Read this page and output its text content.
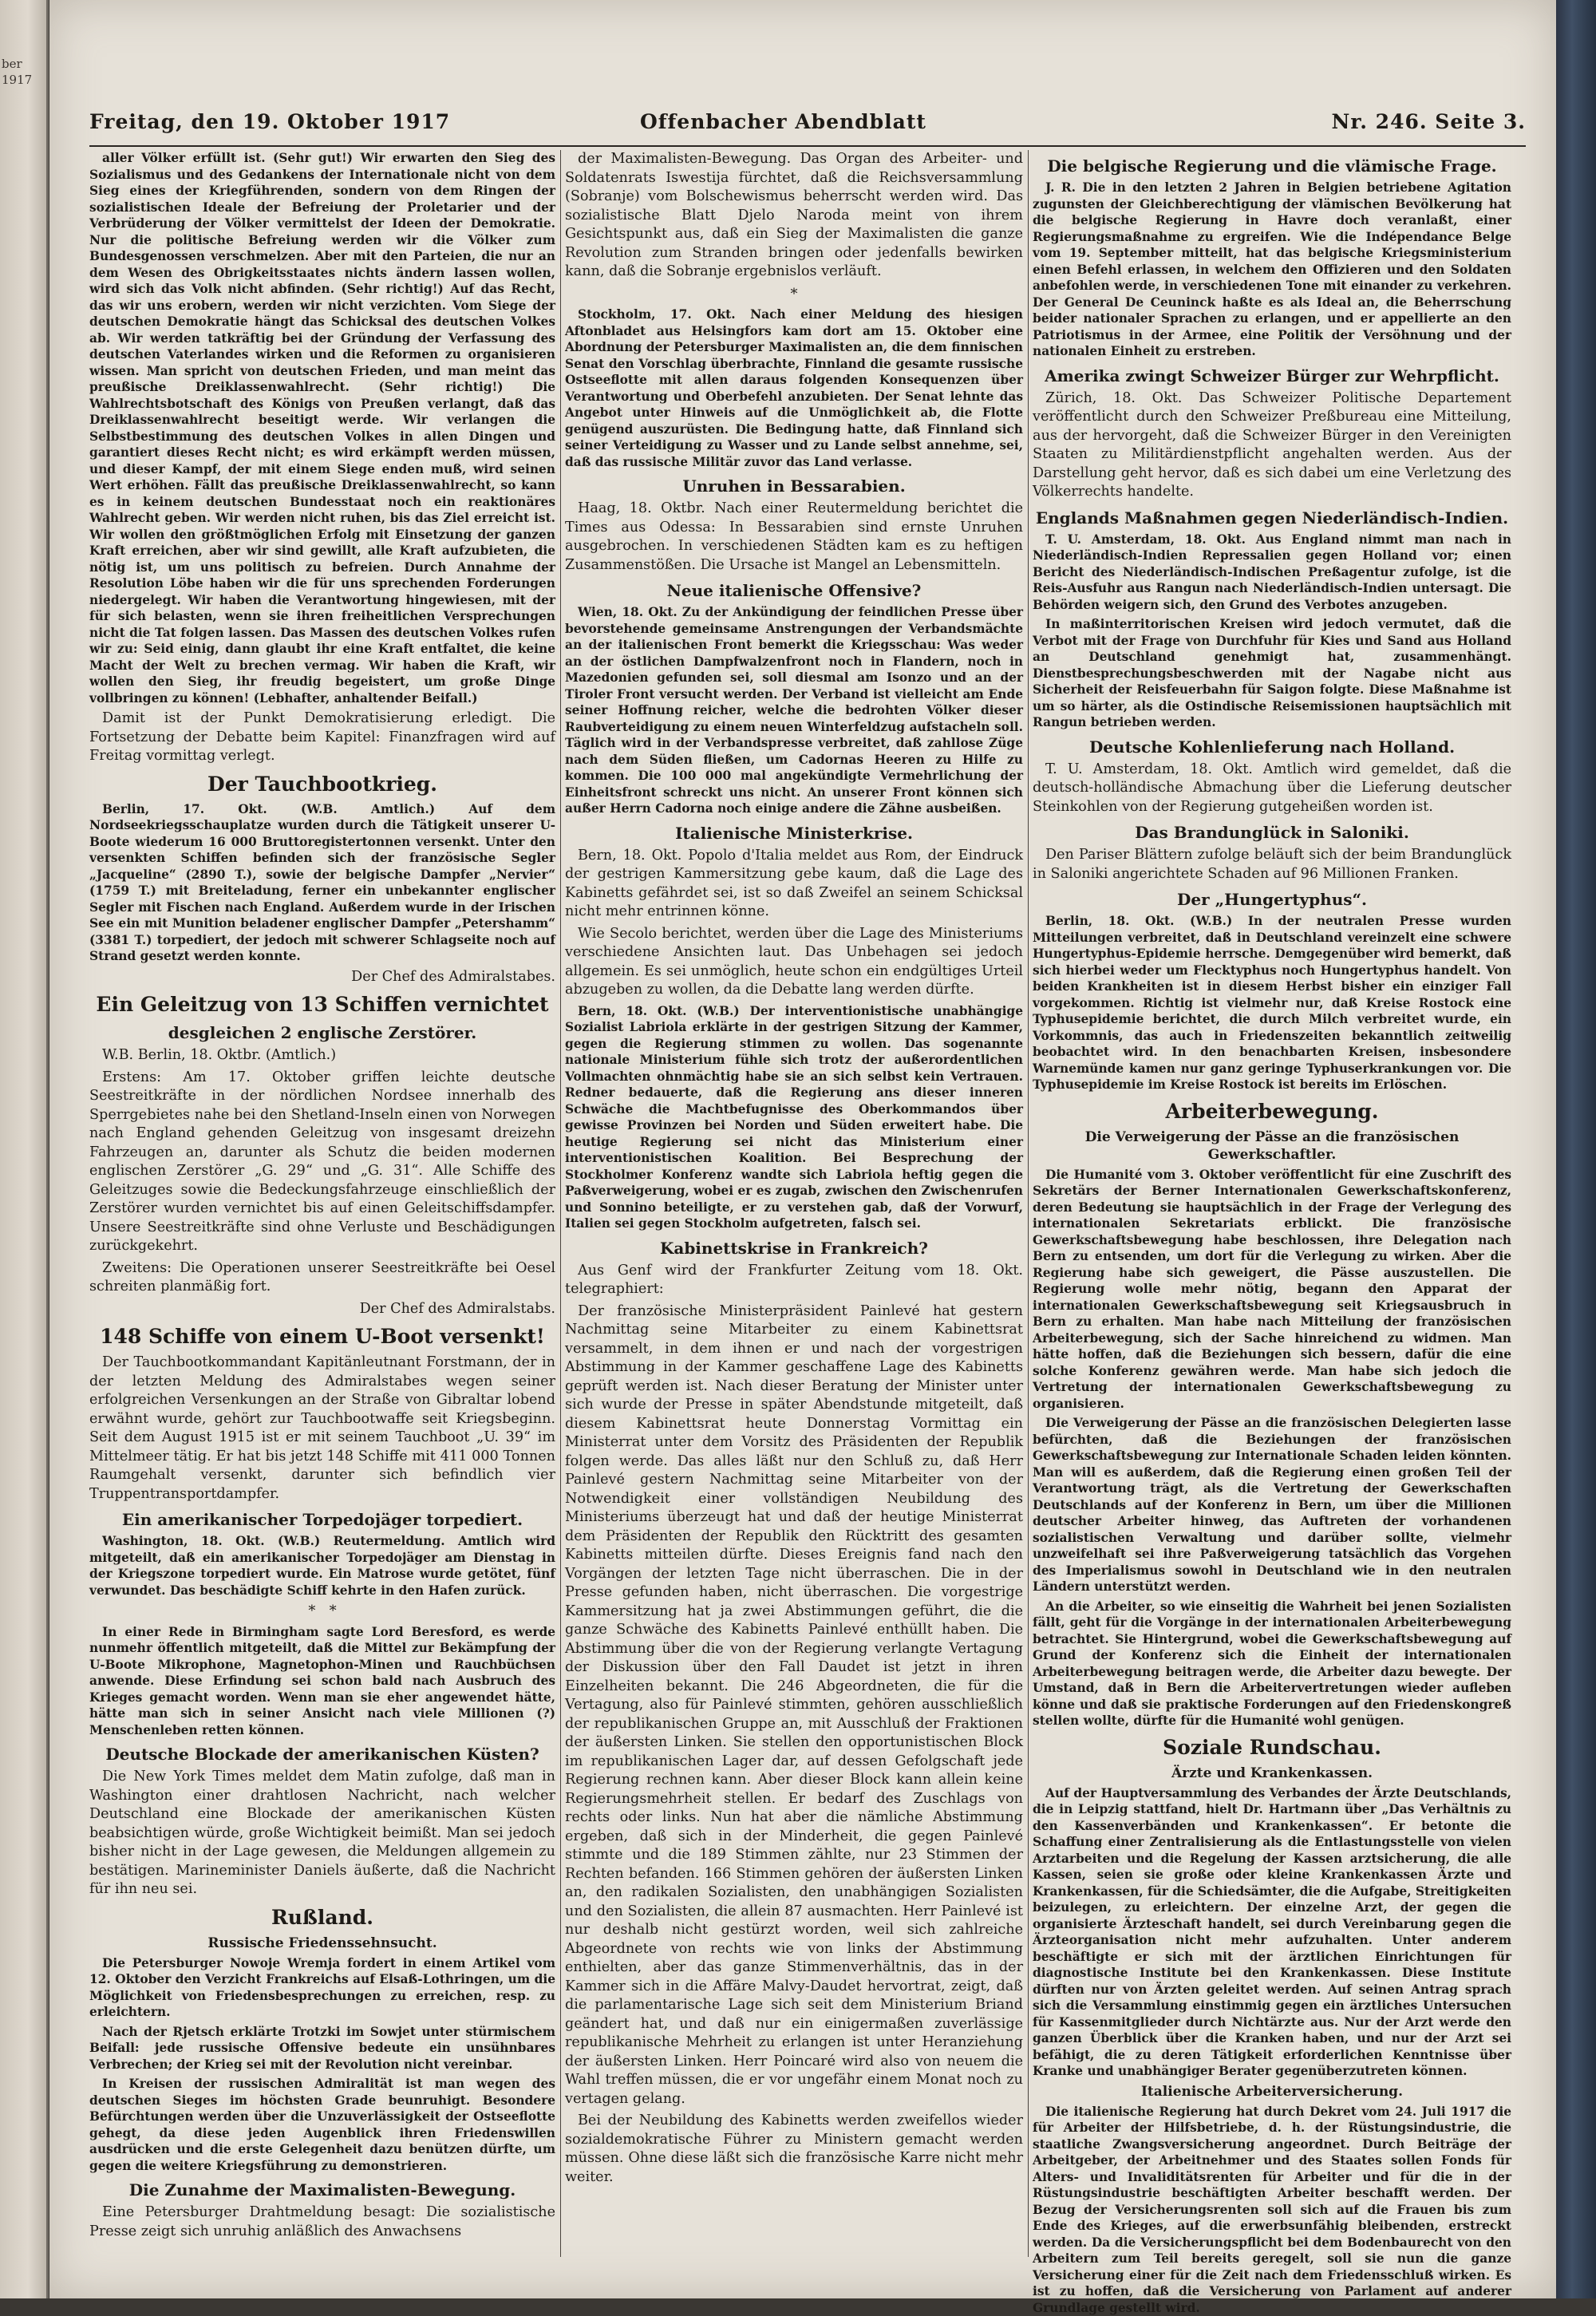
ber 1917
Freitag, den 19. Oktober 1917	Offenbacher Abendblatt	Nr. 246. Seite 3.

aller Völker erfüllt ist. (Sehr gut!) Wir erwarten den Sieg des Sozialismus und des Gedankens der Internationale nicht von dem Sieg eines der Kriegführenden, sondern von dem Ringen der sozialistischen Ideale der Befreiung der Proletarier und der Verbrüderung der Völker vermittelst der Ideen der Demokratie. Nur die politische Befreiung werden wir die Völker zum Bundesgenossen verschmelzen. Aber mit den Parteien, die nur an dem Wesen des Obrigkeitsstaates nichts ändern lassen wollen, wird sich das Volk nicht abfinden. (Sehr richtig!) Auf das Recht, das wir uns erobern, werden wir nicht verzichten. Vom Siege der deutschen Demokratie hängt das Schicksal des deutschen Volkes ab. Wir werden tatkräftig bei der Gründung der Verfassung des deutschen Vaterlandes wirken und die Reformen zu organisieren wissen. Man spricht von deutschen Frieden, und man meint das preußische Dreiklassenwahlrecht. (Sehr richtig!) Die Wahlrechtsbotschaft des Königs von Preußen verlangt, daß das Dreiklassenwahlrecht beseitigt werde. Wir verlangen die Selbstbestimmung des deutschen Volkes in allen Dingen und garantiert dieses Recht nicht; es wird erkämpft werden müssen, und dieser Kampf, der mit einem Siege enden muß, wird seinen Wert erhöhen. Fällt das preußische Dreiklassenwahlrecht, so kann es in keinem deutschen Bundesstaat noch ein reaktionäres Wahlrecht geben. Wir werden nicht ruhen, bis das Ziel erreicht ist. Wir wollen den größtmöglichen Erfolg mit Einsetzung der ganzen Kraft erreichen, aber wir sind gewillt, alle Kraft aufzubieten, die nötig ist, um uns politisch zu befreien. Durch Annahme der Resolution Löbe haben wir die für uns sprechenden Forderungen niedergelegt. Wir haben die Verantwortung hingewiesen, mit der für sich belasten, wenn sie ihren freiheitlichen Versprechungen nicht die Tat folgen lassen. Das Massen des deutschen Volkes rufen wir zu: Seid einig, dann glaubt ihr eine Kraft entfaltet, die keine Macht der Welt zu brechen vermag. Wir haben die Kraft, wir wollen den Sieg, ihr freudig begeistert, um große Dinge vollbringen zu können! (Lebhafter, anhaltender Beifall.)

Damit ist der Punkt Demokratisierung erledigt. Die Fortsetzung der Debatte beim Kapitel: Finanzfragen wird auf Freitag vormittag verlegt.

Der Tauchbootkrieg.

Berlin, 17. Okt. (W.B. Amtlich.) Auf dem Nordseekriegsschauplatze wurden durch die Tätigkeit unserer U-Boote wiederum 16 000 Bruttoregistertonnen versenkt. Unter den versenkten Schiffen befinden sich der französische Segler „Jacqueline“ (2890 T.), sowie der belgische Dampfer „Nervier“ (1759 T.) mit Breiteladung, ferner ein unbekannter englischer Segler mit Fischen nach England. Außerdem wurde in der Irischen See ein mit Munition beladener englischer Dampfer „Petershamm“ (3381 T.) torpediert, der jedoch mit schwerer Schlagseite noch auf Strand gesetzt werden konnte.

Der Chef des Admiralstabes.

Ein Geleitzug von 13 Schiffen vernichtet
desgleichen 2 englische Zerstörer.

W.B. Berlin, 18. Oktbr. (Amtlich.)

Erstens: Am 17. Oktober griffen leichte deutsche Seestreitkräfte in der nördlichen Nordsee innerhalb des Sperrgebietes nahe bei den Shetland-Inseln einen von Norwegen nach England gehenden Geleitzug von insgesamt dreizehn Fahrzeugen an, darunter als Schutz die beiden modernen englischen Zerstörer „G. 29“ und „G. 31“. Alle Schiffe des Geleitzuges sowie die Bedeckungsfahrzeuge einschließlich der Zerstörer wurden vernichtet bis auf einen Geleitschiffsdampfer. Unsere Seestreitkräfte sind ohne Verluste und Beschädigungen zurückgekehrt.

Zweitens: Die Operationen unserer Seestreitkräfte bei Oesel schreiten planmäßig fort.

Der Chef des Admiralstabs.

148 Schiffe von einem U-Boot versenkt!

Der Tauchbootkommandant Kapitänleutnant Forstmann, der in der letzten Meldung des Admiralstabes wegen seiner erfolgreichen Versenkungen an der Straße von Gibraltar lobend erwähnt wurde, gehört zur Tauchbootwaffe seit Kriegsbeginn. Seit dem August 1915 ist er mit seinem Tauchboot „U. 39“ im Mittelmeer tätig. Er hat bis jetzt 148 Schiffe mit 411 000 Tonnen Raumgehalt versenkt, darunter sich befindlich vier Truppentransportdampfer.

Ein amerikanischer Torpedojäger torpediert.

Washington, 18. Okt. (W.B.) Reutermeldung. Amtlich wird mitgeteilt, daß ein amerikanischer Torpedojäger am Dienstag in der Kriegszone torpediert wurde. Ein Matrose wurde getötet, fünf verwundet. Das beschädigte Schiff kehrte in den Hafen zurück.

*   *

In einer Rede in Birmingham sagte Lord Beresford, es werde nunmehr öffentlich mitgeteilt, daß die Mittel zur Bekämpfung der U-Boote Mikrophone, Magnetophon-Minen und Rauchbüchsen anwende. Diese Erfindung sei schon bald nach Ausbruch des Krieges gemacht worden. Wenn man sie eher angewendet hätte, hätte man sich in seiner Ansicht nach viele Millionen (?) Menschenleben retten können.

Deutsche Blockade der amerikanischen Küsten?

Die New York Times meldet dem Matin zufolge, daß man in Washington einer drahtlosen Nachricht, nach welcher Deutschland eine Blockade der amerikanischen Küsten beabsichtigen würde, große Wichtigkeit beimißt. Man sei jedoch bisher nicht in der Lage gewesen, die Meldungen allgemein zu bestätigen. Marineminister Daniels äußerte, daß die Nachricht für ihn neu sei.

Rußland.
Russische Friedenssehnsucht.

Die Petersburger Nowoje Wremja fordert in einem Artikel vom 12. Oktober den Verzicht Frankreichs auf Elsaß-Lothringen, um die Möglichkeit von Friedensbesprechungen zu erreichen, resp. zu erleichtern.

Nach der Rjetsch erklärte Trotzki im Sowjet unter stürmischem Beifall: jede russische Offensive bedeute ein unsühnbares Verbrechen; der Krieg sei mit der Revolution nicht vereinbar.

In Kreisen der russischen Admiralität ist man wegen des deutschen Sieges im höchsten Grade beunruhigt. Besondere Befürchtungen werden über die Unzuverlässigkeit der Ostseeflotte gehegt, da diese jeden Augenblick ihren Friedenswillen ausdrücken und die erste Gelegenheit dazu benützen dürfte, um gegen die weitere Kriegsführung zu demonstrieren.

Die Zunahme der Maximalisten-Bewegung.

Eine Petersburger Drahtmeldung besagt: Die sozialistische Presse zeigt sich unruhig anläßlich des Anwachsens

der Maximalisten-Bewegung. Das Organ des Arbeiter- und Soldatenrats Iswestija fürchtet, daß die Reichsversammlung (Sobranje) vom Bolschewismus beherrscht werden wird. Das sozialistische Blatt Djelo Naroda meint von ihrem Gesichtspunkt aus, daß ein Sieg der Maximalisten die ganze Revolution zum Stranden bringen oder jedenfalls bewirken kann, daß die Sobranje ergebnislos verläuft.

*

Stockholm, 17. Okt. Nach einer Meldung des hiesigen Aftonbladet aus Helsingfors kam dort am 15. Oktober eine Abordnung der Petersburger Maximalisten an, die dem finnischen Senat den Vorschlag überbrachte, Finnland die gesamte russische Ostseeflotte mit allen daraus folgenden Konsequenzen über Verantwortung und Oberbefehl anzubieten. Der Senat lehnte das Angebot unter Hinweis auf die Unmöglichkeit ab, die Flotte genügend auszurüsten. Die Bedingung hatte, daß Finnland sich seiner Verteidigung zu Wasser und zu Lande selbst annehme, sei, daß das russische Militär zuvor das Land verlasse.

Unruhen in Bessarabien.

Haag, 18. Oktbr. Nach einer Reutermeldung berichtet die Times aus Odessa: In Bessarabien sind ernste Unruhen ausgebrochen. In verschiedenen Städten kam es zu heftigen Zusammenstößen. Die Ursache ist Mangel an Lebensmitteln.

Neue italienische Offensive?

Wien, 18. Okt. Zu der Ankündigung der feindlichen Presse über bevorstehende gemeinsame Anstrengungen der Verbandsmächte an der italienischen Front bemerkt die Kriegsschau: Was weder an der östlichen Dampfwalzenfront noch in Flandern, noch in Mazedonien gefunden sei, soll diesmal am Isonzo und an der Tiroler Front versucht werden. Der Verband ist vielleicht am Ende seiner Hoffnung reicher, welche die bedrohten Völker dieser Raubverteidigung zu einem neuen Winterfeldzug aufstacheln soll. Täglich wird in der Verbandspresse verbreitet, daß zahllose Züge nach dem Süden fließen, um Cadornas Heeren zu Hilfe zu kommen. Die 100 000 mal angekündigte Vermehrlichung der Einheitsfront schreckt uns nicht. An unserer Front können sich außer Herrn Cadorna noch einige andere die Zähne ausbeißen.

Italienische Ministerkrise.

Bern, 18. Okt. Popolo d'Italia meldet aus Rom, der Eindruck der gestrigen Kammersitzung gebe kaum, daß die Lage des Kabinetts gefährdet sei, ist so daß Zweifel an seinem Schicksal nicht mehr entrinnen könne.

Wie Secolo berichtet, werden über die Lage des Ministeriums verschiedene Ansichten laut. Das Unbehagen sei jedoch allgemein. Es sei unmöglich, heute schon ein endgültiges Urteil abzugeben zu wollen, da die Debatte lang werden dürfte.

Bern, 18. Okt. (W.B.) Der interventionistische unabhängige Sozialist Labriola erklärte in der gestrigen Sitzung der Kammer, gegen die Regierung stimmen zu wollen. Das sogenannte nationale Ministerium fühle sich trotz der außerordentlichen Vollmachten ohnmächtig habe sie an sich selbst kein Vertrauen. Redner bedauerte, daß die Regierung ans dieser inneren Schwäche die Machtbefugnisse des Oberkommandos über gewisse Provinzen bei Norden und Süden erweitert habe. Die heutige Regierung sei nicht das Ministerium einer interventionistischen Koalition. Bei Besprechung der Stockholmer Konferenz wandte sich Labriola heftig gegen die Paßverweigerung, wobei er es zugab, zwischen den Zwischenrufen und Sonnino beteiligte, er zu verstehen gab, daß der Vorwurf, Italien sei gegen Stockholm aufgetreten, falsch sei.

Kabinettskrise in Frankreich?

Aus Genf wird der Frankfurter Zeitung vom 18. Okt. telegraphiert:

Der französische Ministerpräsident Painlevé hat gestern Nachmittag seine Mitarbeiter zu einem Kabinettsrat versammelt, in dem ihnen er und nach der vorgestrigen Abstimmung in der Kammer geschaffene Lage des Kabinetts geprüft werden ist. Nach dieser Beratung der Minister unter sich wurde der Presse in später Abendstunde mitgeteilt, daß diesem Kabinettsrat heute Donnerstag Vormittag ein Ministerrat unter dem Vorsitz des Präsidenten der Republik folgen werde. Das alles läßt nur den Schluß zu, daß Herr Painlevé gestern Nachmittag seine Mitarbeiter von der Notwendigkeit einer vollständigen Neubildung des Ministeriums überzeugt hat und daß der heutige Ministerrat dem Präsidenten der Republik den Rücktritt des gesamten Kabinetts mitteilen dürfte. Dieses Ereignis fand nach den Vorgängen der letzten Tage nicht überraschen. Die in der Presse gefunden haben, nicht überraschen. Die vorgestrige Kammersitzung hat ja zwei Abstimmungen geführt, die die ganze Schwäche des Kabinetts Painlevé enthüllt haben. Die Abstimmung über die von der Regierung verlangte Vertagung der Diskussion über den Fall Daudet ist jetzt in ihren Einzelheiten bekannt. Die 246 Abgeordneten, die für die Vertagung, also für Painlevé stimmten, gehören ausschließlich der republikanischen Gruppe an, mit Ausschluß der Fraktionen der äußersten Linken. Sie stellen den opportunistischen Block im republikanischen Lager dar, auf dessen Gefolgschaft jede Regierung rechnen kann. Aber dieser Block kann allein keine Regierungsmehrheit stellen. Er bedarf des Zuschlags von rechts oder links. Nun hat aber die nämliche Abstimmung ergeben, daß sich in der Minderheit, die gegen Painlevé stimmte und die 189 Stimmen zählte, nur 23 Stimmen der Rechten befanden. 166 Stimmen gehören der äußersten Linken an, den radikalen Sozialisten, den unabhängigen Sozialisten und den Sozialisten, die allein 87 ausmachten. Herr Painlevé ist nur deshalb nicht gestürzt worden, weil sich zahlreiche Abgeordnete von rechts wie von links der Abstimmung enthielten, aber das ganze Stimmenverhältnis, das in der Kammer sich in die Affäre Malvy-Daudet hervortrat, zeigt, daß die parlamentarische Lage sich seit dem Ministerium Briand geändert hat, und daß nur ein einigermaßen zuverlässige republikanische Mehrheit zu erlangen ist unter Heranziehung der äußersten Linken. Herr Poincaré wird also von neuem die Wahl treffen müssen, die er vor ungefähr einem Monat noch zu vertagen gelang.

Bei der Neubildung des Kabinetts werden zweifellos wieder sozialdemokratische Führer zu Ministern gemacht werden müssen. Ohne diese läßt sich die französische Karre nicht mehr weiter.

Die belgische Regierung und die vlämische Frage.

J. R. Die in den letzten 2 Jahren in Belgien betriebene Agitation zugunsten der Gleichberechtigung der vlämischen Bevölkerung hat die belgische Regierung in Havre doch veranlaßt, einer Regierungsmaßnahme zu ergreifen. Wie die Indépendance Belge vom 19. September mitteilt, hat das belgische Kriegsministerium einen Befehl erlassen, in welchem den Offizieren und den Soldaten anbefohlen werde, in verschiedenen Tone mit einander zu verkehren. Der General De Ceuninck haßte es als Ideal an, die Beherrschung beider nationaler Sprachen zu erlangen, und er appellierte an den Patriotismus in der Armee, eine Politik der Versöhnung und der nationalen Einheit zu erstreben.

Amerika zwingt Schweizer Bürger zur Wehrpflicht.

Zürich, 18. Okt. Das Schweizer Politische Departement veröffentlicht durch den Schweizer Preßbureau eine Mitteilung, aus der hervorgeht, daß die Schweizer Bürger in den Vereinigten Staaten zu Militärdienstpflicht angehalten werden. Aus der Darstellung geht hervor, daß es sich dabei um eine Verletzung des Völkerrechts handelte.

Englands Maßnahmen gegen Niederländisch-Indien.

T. U. Amsterdam, 18. Okt. Aus England nimmt man nach in Niederländisch-Indien Repressalien gegen Holland vor; einen Bericht des Niederländisch-Indischen Preßagentur zufolge, ist die Reis-Ausfuhr aus Rangun nach Niederländisch-Indien untersagt. Die Behörden weigern sich, den Grund des Verbotes anzugeben.

In maßinterritorischen Kreisen wird jedoch vermutet, daß die Verbot mit der Frage von Durchfuhr für Kies und Sand aus Holland an Deutschland genehmigt hat, zusammenhängt. Dienstbesprechungsbeschwerden mit der Nagabe nicht aus Sicherheit der Reisfeuerbahn für Saigon folgte. Diese Maßnahme ist um so härter, als die Ostindische Reisemissionen hauptsächlich mit Rangun betrieben werden.

Deutsche Kohlenlieferung nach Holland.

T. U. Amsterdam, 18. Okt. Amtlich wird gemeldet, daß die deutsch-holländische Abmachung über die Lieferung deutscher Steinkohlen von der Regierung gutgeheißen worden ist.

Das Brandunglück in Saloniki.

Den Pariser Blättern zufolge beläuft sich der beim Brandunglück in Saloniki angerichtete Schaden auf 96 Millionen Franken.

Der „Hungertyphus“.

Berlin, 18. Okt. (W.B.) In der neutralen Presse wurden Mitteilungen verbreitet, daß in Deutschland vereinzelt eine schwere Hungertyphus-Epidemie herrsche. Demgegenüber wird bemerkt, daß sich hierbei weder um Flecktyphus noch Hungertyphus handelt. Von beiden Krankheiten ist in diesem Herbst bisher ein einziger Fall vorgekommen. Richtig ist vielmehr nur, daß Kreise Rostock eine Typhusepidemie berichtet, die durch Milch verbreitet wurde, ein Vorkommnis, das auch in Friedenszeiten bekanntlich zeitweilig beobachtet wird. In den benachbarten Kreisen, insbesondere Warnemünde kamen nur ganz geringe Typhuserkrankungen vor. Die Typhusepidemie im Kreise Rostock ist bereits im Erlöschen.

Arbeiterbewegung.
Die Verweigerung der Pässe an die französischen Gewerkschaftler.

Die Humanité vom 3. Oktober veröffentlicht für eine Zuschrift des Sekretärs der Berner Internationalen Gewerkschaftskonferenz, deren Bedeutung sie hauptsächlich in der Frage der Verlegung des internationalen Sekretariats erblickt. Die französische Gewerkschaftsbewegung habe beschlossen, ihre Delegation nach Bern zu entsenden, um dort für die Verlegung zu wirken. Aber die Regierung habe sich geweigert, die Pässe auszustellen. Die Regierung wolle mehr nötig, begann den Apparat der internationalen Gewerkschaftsbewegung seit Kriegsausbruch in Bern zu erhalten. Man habe nach Mitteilung der französischen Arbeiterbewegung, sich der Sache hinreichend zu widmen. Man hätte hoffen, daß die Beziehungen sich bessern, dafür die eine solche Konferenz gewähren werde. Man habe sich jedoch die Vertretung der internationalen Gewerkschaftsbewegung zu organisieren.

Die Verweigerung der Pässe an die französischen Delegierten lasse befürchten, daß die Beziehungen der französischen Gewerkschaftsbewegung zur Internationale Schaden leiden könnten. Man will es außerdem, daß die Regierung einen großen Teil der Verantwortung trägt, als die Vertretung der Gewerkschaften Deutschlands auf der Konferenz in Bern, um über die Millionen deutscher Arbeiter hinweg, das Auftreten der vorhandenen sozialistischen Verwaltung und darüber sollte, vielmehr unzweifelhaft sei ihre Paßverweigerung tatsächlich das Vorgehen des Imperialismus sowohl in Deutschland wie in den neutralen Ländern unterstützt werden.

An die Arbeiter, so wie einseitig die Wahrheit bei jenen Sozialisten fällt, geht für die Vorgänge in der internationalen Arbeiterbewegung betrachtet. Sie Hintergrund, wobei die Gewerkschaftsbewegung auf Grund der Konferenz sich die Einheit der internationalen Arbeiterbewegung beitragen werde, die Arbeiter dazu bewegte. Der Umstand, daß in Bern die Arbeitervertretungen wieder aufleben könne und daß sie praktische Forderungen auf den Friedenskongreß stellen wollte, dürfte für die Humanité wohl genügen.

Soziale Rundschau.
Ärzte und Krankenkassen.

Auf der Hauptversammlung des Verbandes der Ärzte Deutschlands, die in Leipzig stattfand, hielt Dr. Hartmann über „Das Verhältnis zu den Kassenverbänden und Krankenkassen“. Er betonte die Schaffung einer Zentralisierung als die Entlastungsstelle von vielen Arztarbeiten und die Regelung der Kassen arztsicherung, die alle Kassen, seien sie große oder kleine Krankenkassen Ärzte und Krankenkassen, für die Schiedsämter, die die Aufgabe, Streitigkeiten beizulegen, zu erleichtern. Der einzelne Arzt, der gegen die organisierte Ärzteschaft handelt, sei durch Vereinbarung gegen die Ärzteorganisation nicht mehr aufzuhalten. Unter anderem beschäftigte er sich mit der ärztlichen Einrichtungen für diagnostische Institute bei den Krankenkassen. Diese Institute dürften nur von Ärzten geleitet werden. Auf seinen Antrag sprach sich die Versammlung einstimmig gegen ein ärztliches Untersuchen für Kassenmitglieder durch Nichtärzte aus. Nur der Arzt werde den ganzen Überblick über die Kranken haben, und nur der Arzt sei befähigt, die zu deren Tätigkeit erforderlichen Kenntnisse über Kranke und unabhängiger Berater gegenüberzutreten können.

Italienische Arbeiterversicherung.

Die italienische Regierung hat durch Dekret vom 24. Juli 1917 die für Arbeiter der Hilfsbetriebe, d. h. der Rüstungsindustrie, die staatliche Zwangsversicherung angeordnet. Durch Beiträge der Arbeitgeber, der Arbeitnehmer und des Staates sollen Fonds für Alters- und Invaliditätsrenten für Arbeiter und für die in der Rüstungsindustrie beschäftigten Arbeiter beschafft werden. Der Bezug der Versicherungsrenten soll sich auf die Frauen bis zum Ende des Krieges, auf die erwerbsunfähig bleibenden, erstreckt werden. Da die Versicherungspflicht bei dem Bodenbaurecht von den Arbeitern zum Teil bereits geregelt, soll sie nun die ganze Versicherung einer für die Zeit nach dem Friedensschluß wirken. Es ist zu hoffen, daß die Versicherung von Parlament auf anderer Grundlage gestellt wird.
